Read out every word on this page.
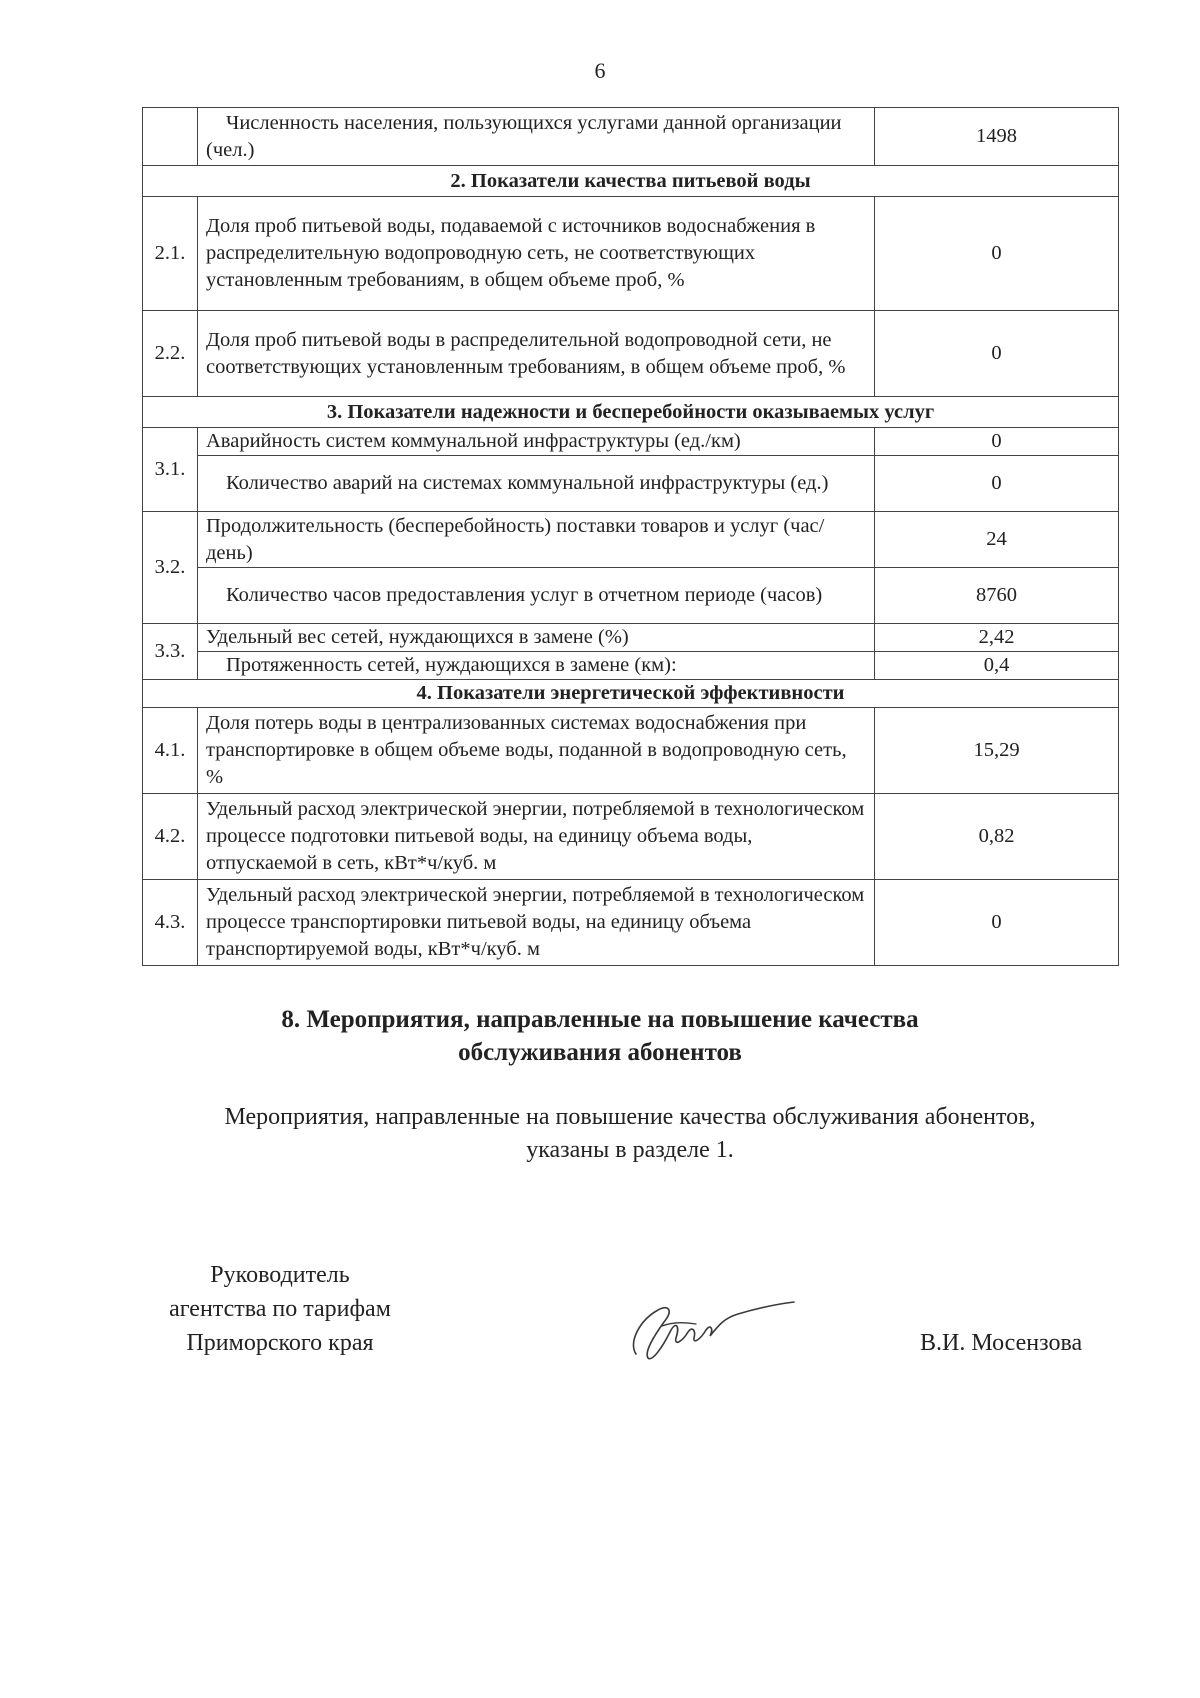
6
	Численность населения, пользующихся услугами данной организации (чел.)	1498
2. Показатели качества питьевой воды		
2.1.	Доля проб питьевой воды, подаваемой с источников водоснабжения в распределительную водопроводную сеть, не соответствующих установленным требованиям, в общем объеме проб, %	0
2.2.	Доля проб питьевой воды в распределительной водопроводной сети, не соответствующих установленным требованиям, в общем объеме проб, %	0
3. Показатели надежности и бесперебойности оказываемых услуг		
3.1.	Аварийность систем коммунальной инфраструктуры (ед./км)	0
	Количество аварий на системах коммунальной инфраструктуры (ед.)	0
3.2.	Продолжительность (бесперебойность) поставки товаров и услуг (час/день)	24
	Количество часов предоставления услуг в отчетном периоде (часов)	8760
3.3.	Удельный вес сетей, нуждающихся в замене (%)	2,42
	Протяженность сетей, нуждающихся в замене (км):	0,4
4. Показатели энергетической эффективности		
4.1.	Доля потерь воды в централизованных системах водоснабжения при транспортировке в общем объеме воды, поданной в водопроводную сеть, %	15,29
4.2.	Удельный расход электрической энергии, потребляемой в технологическом процессе подготовки питьевой воды, на единицу объема воды, отпускаемой в сеть, кВт*ч/куб. м	0,82
4.3.	Удельный расход электрической энергии, потребляемой в технологическом процессе транспортировки питьевой воды, на единицу объема транспортируемой воды, кВт*ч/куб. м	0
8. Мероприятия, направленные на повышение качества
обслуживания абонентов
Мероприятия, направленные на повышение качества обслуживания абонентов,
указаны в разделе 1.
Руководитель
агентства по тарифам
Приморского края	В.И. Мосензова
